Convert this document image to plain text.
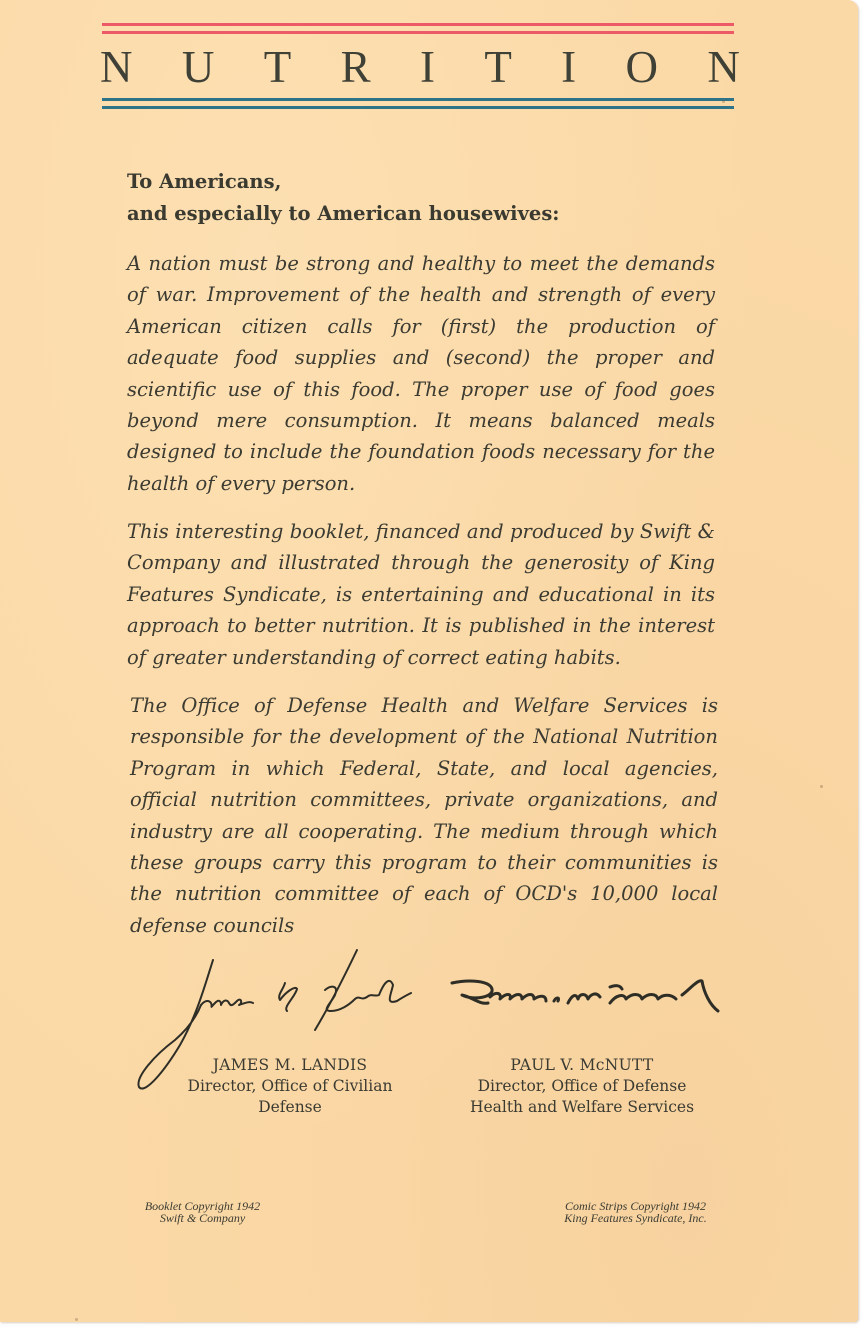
N U T R I T I O N
To Americans,
and especially to American housewives:

A nation must be strong and healthy to meet the demands of war. Improvement of the health and strength of every American citizen calls for (first) the production of adequate food supplies and (second) the proper and scientific use of this food. The proper use of food goes beyond mere consumption. It means balanced meals designed to include the foundation foods necessary for the health of every person.

This interesting booklet, financed and produced by Swift & Company and illustrated through the generosity of King Features Syndicate, is entertaining and educational in its approach to better nutrition. It is published in the interest of greater understanding of correct eating habits.

The Office of Defense Health and Welfare Services is responsible for the development of the National Nutrition Program in which Federal, State, and local agencies, official nutrition committees, private organizations, and industry are all cooperating. The medium through which these groups carry this program to their communities is the nutrition committee of each of OCD's 10,000 local defense councils

JAMES M. LANDIS
Director, Office of Civilian
Defense
PAUL V. McNUTT
Director, Office of Defense
Health and Welfare Services
Booklet Copyright 1942
Swift & Company
Comic Strips Copyright 1942
King Features Syndicate, Inc.
